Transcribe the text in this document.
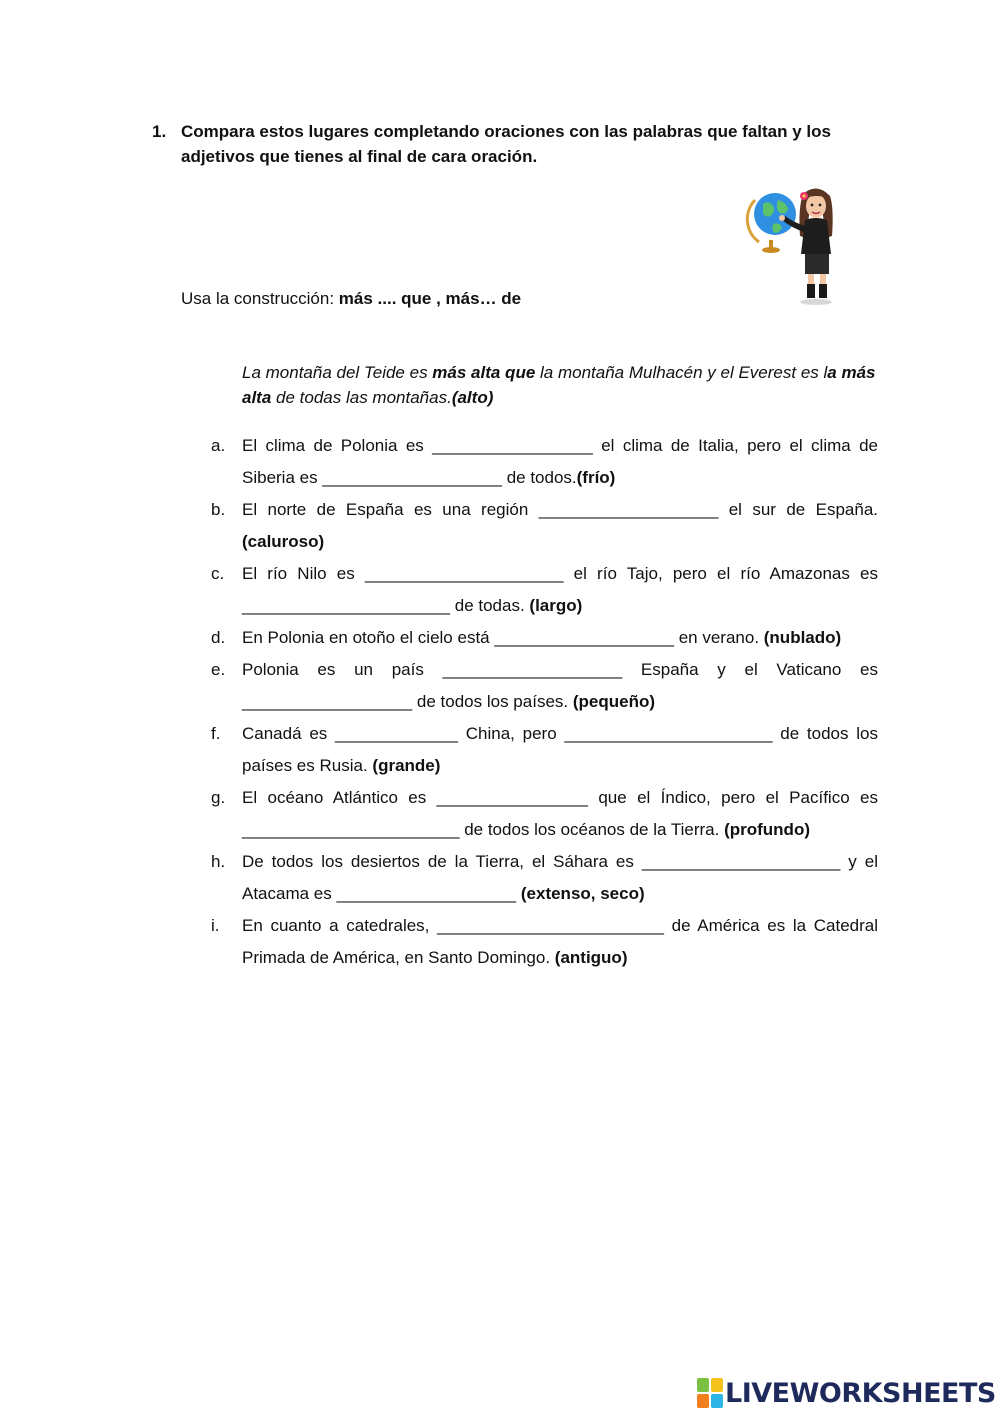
1. Compara estos lugares completando oraciones con las palabras que faltan y los adjetivos que tienes al final de cara oración.
Usa la construcción: más .... que , más… de
La montaña del Teide es más alta que la montaña Mulhacén y el Everest es la más alta de todas las montañas.(alto)
a. El clima de Polonia es _________________ el clima de Italia, pero el clima de Siberia es ___________________ de todos.(frío)
b. El norte de España es una región ___________________ el sur de España. (caluroso)
c. El río Nilo es _____________________ el río Tajo, pero el río Amazonas es ______________________ de todas. (largo)
d. En Polonia en otoño el cielo está ___________________ en verano. (nublado)
e. Polonia es un país ___________________ España y el Vaticano es __________________ de todos los países. (pequeño)
f. Canadá es _____________ China, pero ______________________ de todos los países es Rusia. (grande)
g. El océano Atlántico es ________________ que el Índico, pero el Pacífico es _______________________ de todos los océanos de la Tierra. (profundo)
h. De todos los desiertos de la Tierra, el Sáhara es _____________________ y el Atacama es ___________________ (extenso, seco)
i. En cuanto a catedrales, ________________________ de América es la Catedral Primada de América, en Santo Domingo. (antiguo)
LIVEWORKSHEETS
